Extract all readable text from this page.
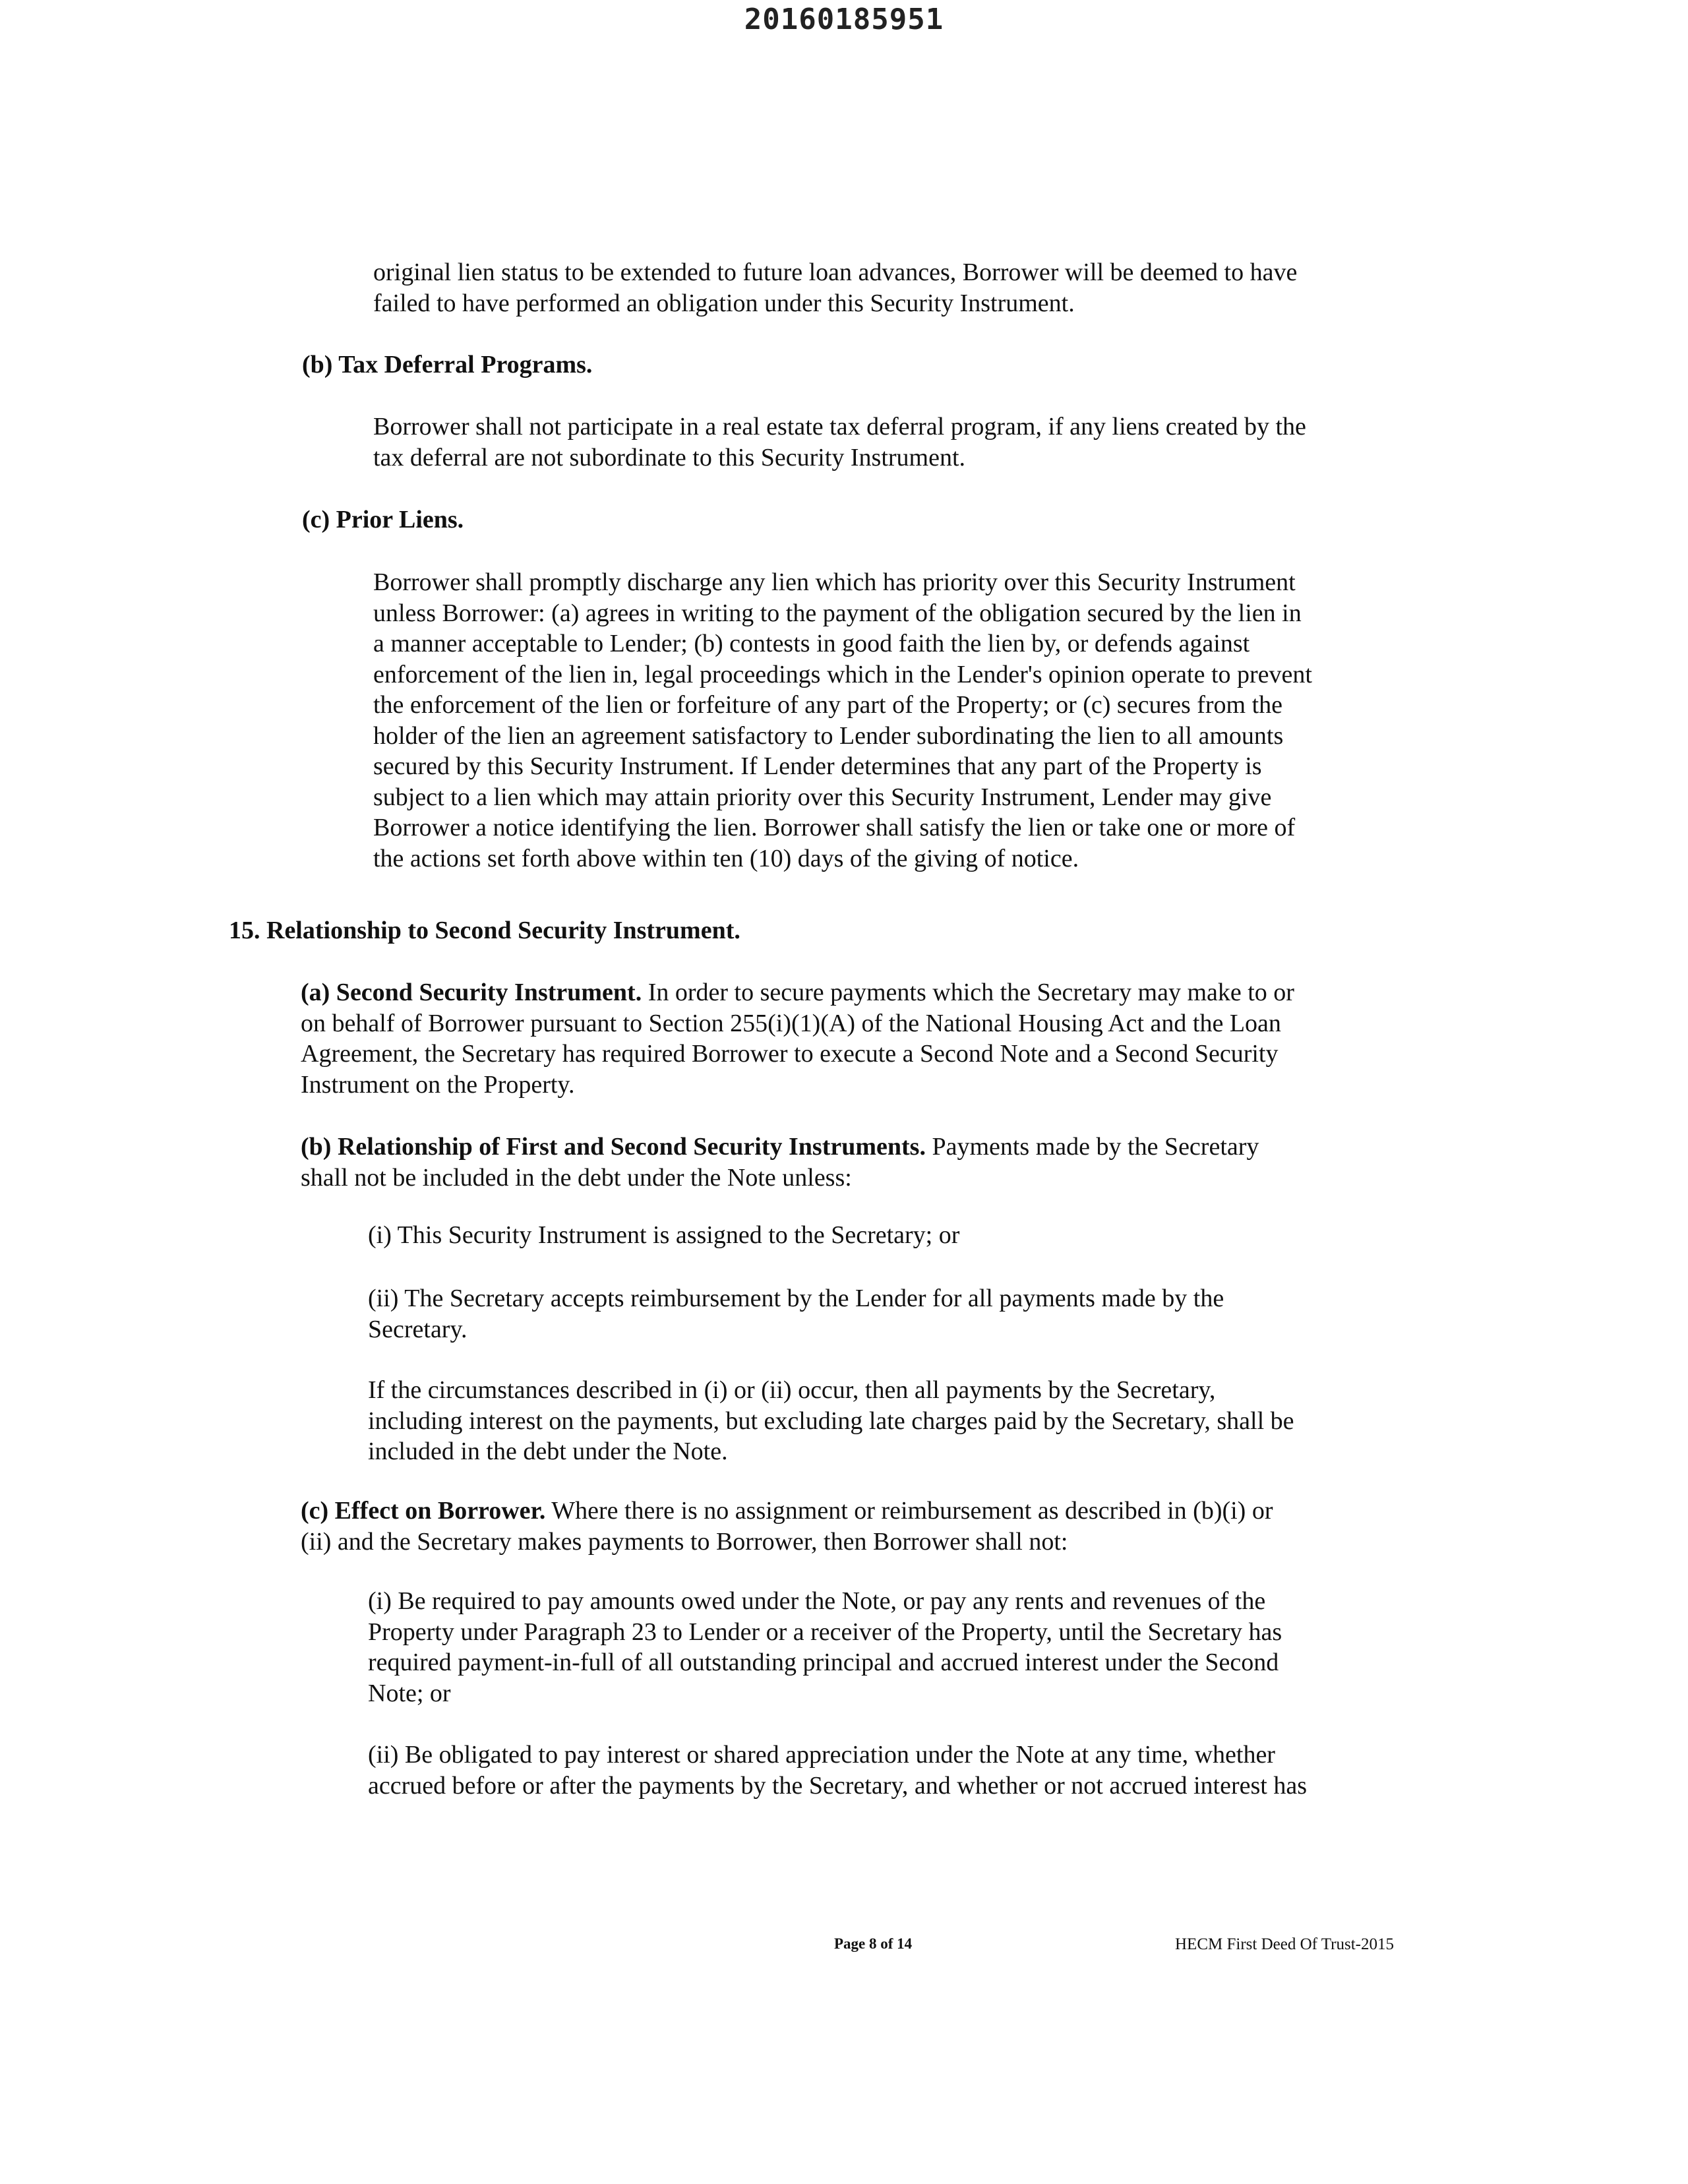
20160185951
original lien status to be extended to future loan advances, Borrower will be deemed to have
failed to have performed an obligation under this Security Instrument.
(b) Tax Deferral Programs.
Borrower shall not participate in a real estate tax deferral program, if any liens created by the
tax deferral are not subordinate to this Security Instrument.
(c) Prior Liens.
Borrower shall promptly discharge any lien which has priority over this Security Instrument
unless Borrower: (a) agrees in writing to the payment of the obligation secured by the lien in
a manner acceptable to Lender; (b) contests in good faith the lien by, or defends against
enforcement of the lien in, legal proceedings which in the Lender's opinion operate to prevent
the enforcement of the lien or forfeiture of any part of the Property; or (c) secures from the
holder of the lien an agreement satisfactory to Lender subordinating the lien to all amounts
secured by this Security Instrument. If Lender determines that any part of the Property is
subject to a lien which may attain priority over this Security Instrument, Lender may give
Borrower a notice identifying the lien. Borrower shall satisfy the lien or take one or more of
the actions set forth above within ten (10) days of the giving of notice.
15. Relationship to Second Security Instrument.
(a) Second Security Instrument. In order to secure payments which the Secretary may make to or
on behalf of Borrower pursuant to Section 255(i)(1)(A) of the National Housing Act and the Loan
Agreement, the Secretary has required Borrower to execute a Second Note and a Second Security
Instrument on the Property.
(b) Relationship of First and Second Security Instruments. Payments made by the Secretary
shall not be included in the debt under the Note unless:
(i) This Security Instrument is assigned to the Secretary; or
(ii) The Secretary accepts reimbursement by the Lender for all payments made by the
Secretary.
If the circumstances described in (i) or (ii) occur, then all payments by the Secretary,
including interest on the payments, but excluding late charges paid by the Secretary, shall be
included in the debt under the Note.
(c) Effect on Borrower. Where there is no assignment or reimbursement as described in (b)(i) or
(ii) and the Secretary makes payments to Borrower, then Borrower shall not:
(i) Be required to pay amounts owed under the Note, or pay any rents and revenues of the
Property under Paragraph 23 to Lender or a receiver of the Property, until the Secretary has
required payment-in-full of all outstanding principal and accrued interest under the Second
Note; or
(ii) Be obligated to pay interest or shared appreciation under the Note at any time, whether
accrued before or after the payments by the Secretary, and whether or not accrued interest has
Page 8 of 14	HECM First Deed Of Trust-2015
